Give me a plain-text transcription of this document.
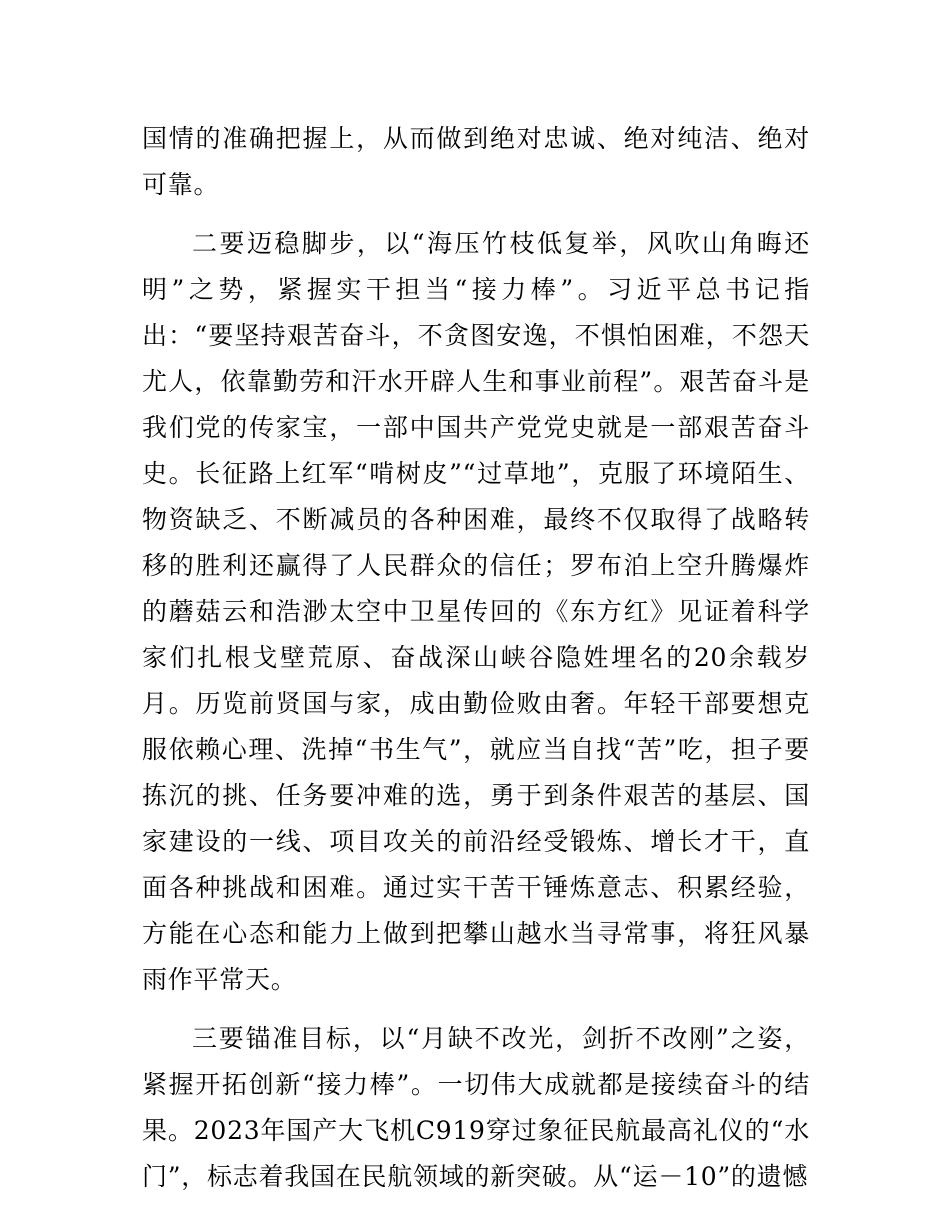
国情的准确把握上，从而做到绝对忠诚、绝对纯洁、绝对可靠。

二要迈稳脚步，以“海压竹枝低复举，风吹山角晦还明”之势，紧握实干担当“接力棒”。习近平总书记指出：“要坚持艰苦奋斗，不贪图安逸，不惧怕困难，不怨天尤人，依靠勤劳和汗水开辟人生和事业前程”。艰苦奋斗是我们党的传家宝，一部中国共产党党史就是一部艰苦奋斗史。长征路上红军“啃树皮”“过草地”，克服了环境陌生、物资缺乏、不断减员的各种困难，最终不仅取得了战略转移的胜利还赢得了人民群众的信任；罗布泊上空升腾爆炸的蘑菇云和浩渺太空中卫星传回的《东方红》见证着科学家们扎根戈壁荒原、奋战深山峡谷隐姓埋名的20余载岁月。历览前贤国与家，成由勤俭败由奢。年轻干部要想克服依赖心理、洗掉“书生气”，就应当自找“苦”吃，担子要拣沉的挑、任务要冲难的选，勇于到条件艰苦的基层、国家建设的一线、项目攻关的前沿经受锻炼、增长才干，直面各种挑战和困难。通过实干苦干锤炼意志、积累经验，方能在心态和能力上做到把攀山越水当寻常事，将狂风暴雨作平常天。

三要锚准目标，以“月缺不改光，剑折不改刚”之姿，紧握开拓创新“接力棒”。一切伟大成就都是接续奋斗的结果。2023年国产大飞机C919穿过象征民航最高礼仪的“水门”，标志着我国在民航领域的新突破。从“运－10”的遗憾
